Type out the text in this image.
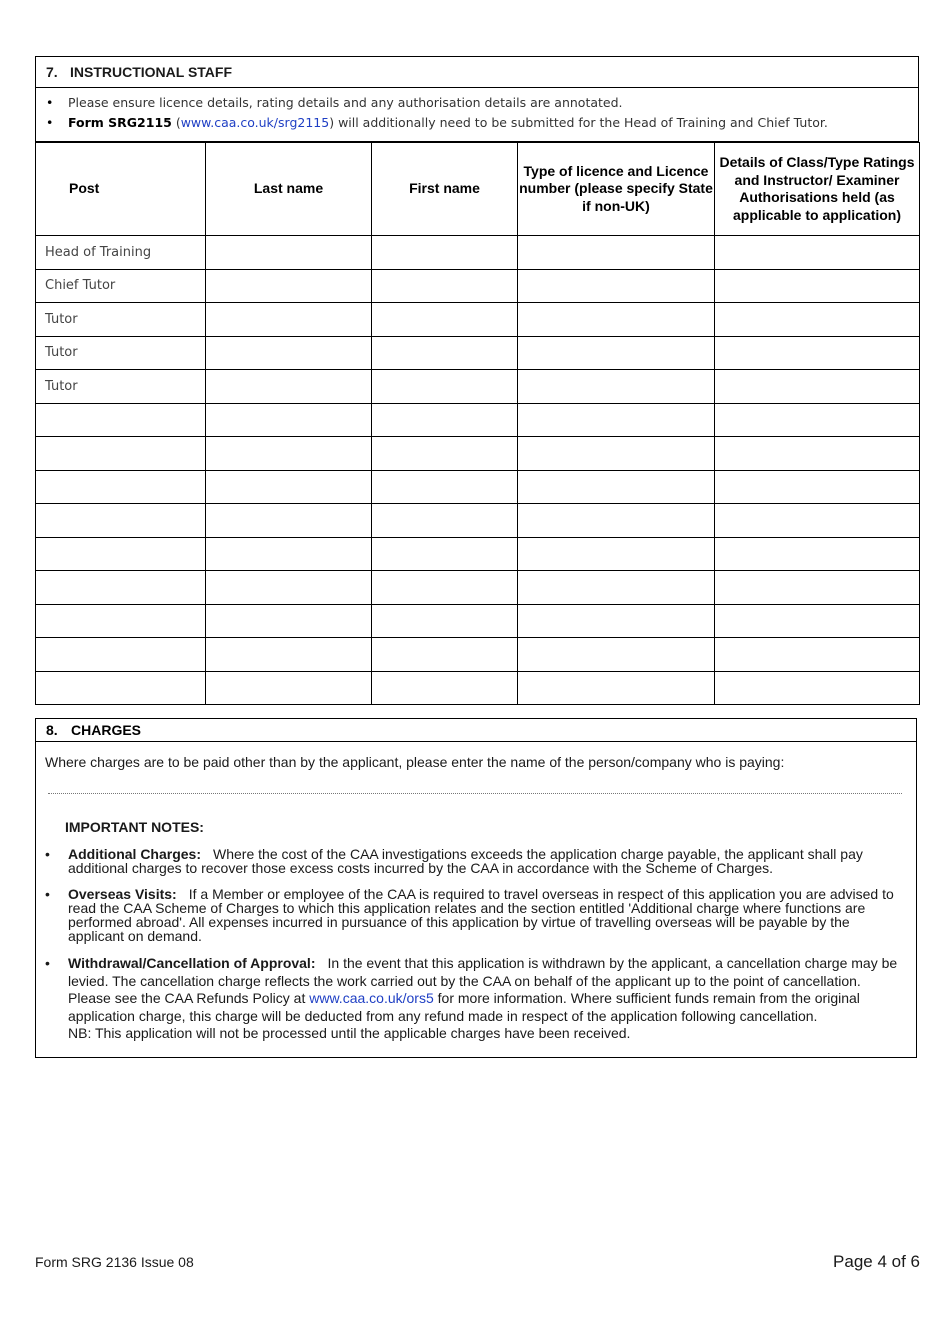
7. INSTRUCTIONAL STAFF
• Please ensure licence details, rating details and any authorisation details are annotated.
• Form SRG2115 (www.caa.co.uk/srg2115) will additionally need to be submitted for the Head of Training and Chief Tutor.
Post	Last name	First name	Type of licence and Licence number (please specify State if non-UK)	Details of Class/Type Ratings and Instructor/ Examiner Authorisations held (as applicable to application)
Head of Training				
Chief Tutor				
Tutor				
Tutor				
Tutor				

8. CHARGES
Where charges are to be paid other than by the applicant, please enter the name of the person/company who is paying:
IMPORTANT NOTES:
• Additional Charges: Where the cost of the CAA investigations exceeds the application charge payable, the applicant shall pay additional charges to recover those excess costs incurred by the CAA in accordance with the Scheme of Charges.
• Overseas Visits: If a Member or employee of the CAA is required to travel overseas in respect of this application you are advised to read the CAA Scheme of Charges to which this application relates and the section entitled 'Additional charge where functions are performed abroad'. All expenses incurred in pursuance of this application by virtue of travelling overseas will be payable by the applicant on demand.
• Withdrawal/Cancellation of Approval: In the event that this application is withdrawn by the applicant, a cancellation charge may be levied. The cancellation charge reflects the work carried out by the CAA on behalf of the applicant up to the point of cancellation. Please see the CAA Refunds Policy at www.caa.co.uk/ors5 for more information. Where sufficient funds remain from the original application charge, this charge will be deducted from any refund made in respect of the application following cancellation.
NB: This application will not be processed until the applicable charges have been received.
Form SRG 2136 Issue 08	Page 4 of 6
